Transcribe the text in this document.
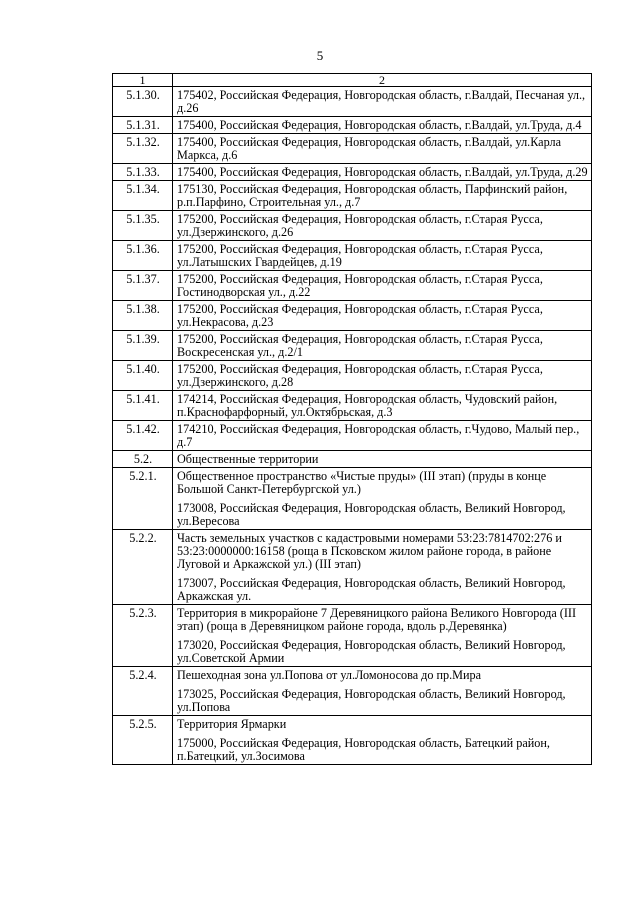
5
1	2
5.1.30.	175402, Российская Федерация, Новгородская область, г.Валдай, Песчаная ул., д.26

5.1.31.	175400, Российская Федерация, Новгородская область, г.Валдай, ул.Труда, д.4

5.1.32.	175400, Российская Федерация, Новгородская область, г.Валдай, ул.Карла Маркса, д.6

5.1.33.	175400, Российская Федерация, Новгородская область, г.Валдай, ул.Труда, д.29

5.1.34.	175130, Российская Федерация, Новгородская область, Парфинский район, р.п.Парфино, Строительная ул., д.7

5.1.35.	175200, Российская Федерация, Новгородская область, г.Старая Русса, ул.Дзержинского, д.26

5.1.36.	175200, Российская Федерация, Новгородская область, г.Старая Русса, ул.Латышских Гвардейцев, д.19

5.1.37.	175200, Российская Федерация, Новгородская область, г.Старая Русса, Гостинодворская ул., д.22

5.1.38.	175200, Российская Федерация, Новгородская область, г.Старая Русса, ул.Некрасова, д.23

5.1.39.	175200, Российская Федерация, Новгородская область, г.Старая Русса, Воскресенская ул., д.2/1

5.1.40.	175200, Российская Федерация, Новгородская область, г.Старая Русса, ул.Дзержинского, д.28

5.1.41.	174214, Российская Федерация, Новгородская область, Чудовский район, п.Краснофарфорный, ул.Октябрьская, д.3

5.1.42.	174210, Российская Федерация, Новгородская область, г.Чудово, Малый пер., д.7

5.2.	Общественные территории

5.2.1.	Общественное пространство «Чистые пруды» (III этап) (пруды в конце Большой Санкт-Петербургской ул.)
173008, Российская Федерация, Новгородская область, Великий Новгород, ул.Вересова

5.2.2.	Часть земельных участков с кадастровыми номерами 53:23:7814702:276 и 53:23:0000000:16158 (роща в Псковском жилом районе города, в районе Луговой и Аркажской ул.) (III этап)
173007, Российская Федерация, Новгородская область, Великий Новгород, Аркажская ул.

5.2.3.	Территория в микрорайоне 7 Деревяницкого района Великого Новгорода (III этап) (роща в Деревяницком районе города, вдоль р.Деревянка)
173020, Российская Федерация, Новгородская область, Великий Новгород, ул.Советской Армии

5.2.4.	Пешеходная зона ул.Попова от ул.Ломоносова до пр.Мира
173025, Российская Федерация, Новгородская область, Великий Новгород, ул.Попова

5.2.5.	Территория Ярмарки
175000, Российская Федерация, Новгородская область, Батецкий район, п.Батецкий, ул.Зосимова
